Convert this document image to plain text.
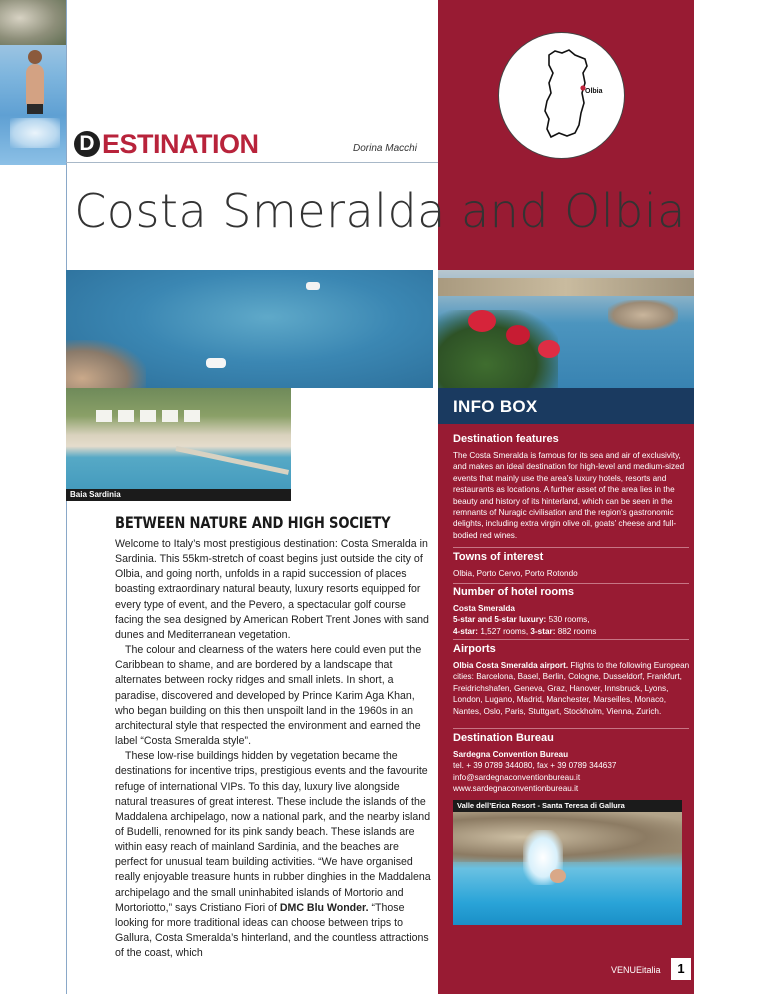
D ESTINATION	Dorina Macchi
Olbia
Costa Smeralda and Olbia
Baia Sardinia
INFO BOX
Destination features
The Costa Smeralda is famous for its sea and air of exclusivity, and makes an ideal destination for high-level and medium-sized events that mainly use the area’s luxury hotels, resorts and restaurants as locations. A further asset of the area lies in the beauty and history of its hinterland, which can be seen in the remnants of Nuragic civilisation and the region’s gastronomic delights, including extra virgin olive oil, goats’ cheese and full-bodied red wines.
Towns of interest
Olbia, Porto Cervo, Porto Rotondo
Number of hotel rooms
Costa Smeralda
5-star and 5-star luxury: 530 rooms,
4-star: 1,527 rooms, 3-star: 882 rooms
Airports
Olbia Costa Smeralda airport. Flights to the following European cities: Barcelona, Basel, Berlin, Cologne, Dusseldorf, Frankfurt, Freidrichshafen, Geneva, Graz, Hanover, Innsbruck, Lyons, London, Lugano, Madrid, Manchester, Marseilles, Monaco, Nantes, Oslo, Paris, Stuttgart, Stockholm, Vienna, Zurich.
Destination Bureau
Sardegna Convention Bureau
tel. + 39 0789 344080, fax + 39 0789 344637
info@sardegnaconventionbureau.it
www.sardegnaconventionbureau.it
Valle dell’Erica Resort - Santa Teresa di Gallura
VENUEitalia	1
BETWEEN NATURE AND HIGH SOCIETY

Welcome to Italy’s most prestigious destination: Costa Smeralda in Sardinia. This 55km-stretch of coast begins just outside the city of Olbia, and going north, unfolds in a rapid succession of places boasting extraordinary natural beauty, luxury resorts equipped for every type of event, and the Pevero, a spectacular golf course facing the sea designed by American Robert Trent Jones with sand dunes and Mediterranean vegetation.

The colour and clearness of the waters here could even put the Caribbean to shame, and are bordered by a landscape that alternates between rocky ridges and small inlets. In short, a paradise, discovered and developed by Prince Karim Aga Khan, who began building on this then unspoilt land in the 1960s in an architectural style that respected the environment and earned the label “Costa Smeralda style”.

These low-rise buildings hidden by vegetation became the destinations for incentive trips, prestigious events and the favourite refuge of international VIPs. To this day, luxury live alongside natural treasures of great interest. These include the islands of the Maddalena archipelago, now a national park, and the nearby island of Budelli, renowned for its pink sandy beach. These islands are within easy reach of mainland Sardinia, and the beaches are perfect for unusual team building activities. “We have organised really enjoyable treasure hunts in rubber dinghies in the Maddalena archipelago and the small uninhabited islands of Mortorio and Mortoriotto,” says Cristiano Fiori of DMC Blu Wonder. “Those looking for more traditional ideas can choose between trips to Gallura, Costa Smeralda’s hinterland, and the countless attractions of the coast, which
